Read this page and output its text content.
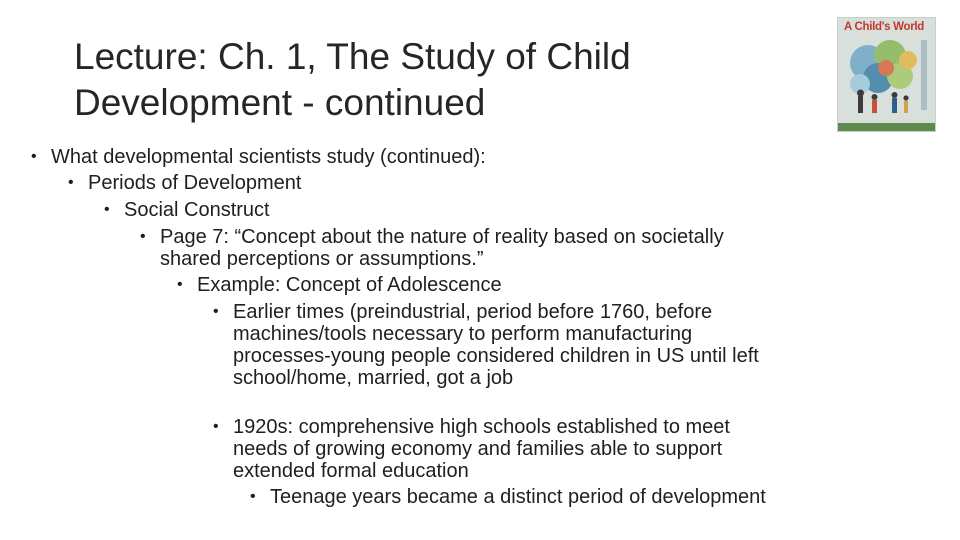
Lecture: Ch. 1, The Study of Child
Development - continued
A Child's World
• What developmental scientists study (continued):
• Periods of Development
• Social Construct
• Page 7: “Concept about the nature of reality based on societally
shared perceptions or assumptions.”
• Example: Concept of Adolescence
• Earlier times (preindustrial, period before 1760, before
machines/tools necessary to perform manufacturing
processes-young people considered children in US until left
school/home, married, got a job
• 1920s: comprehensive high schools established to meet
needs of growing economy and families able to support
extended formal education
• Teenage years became a distinct period of development
